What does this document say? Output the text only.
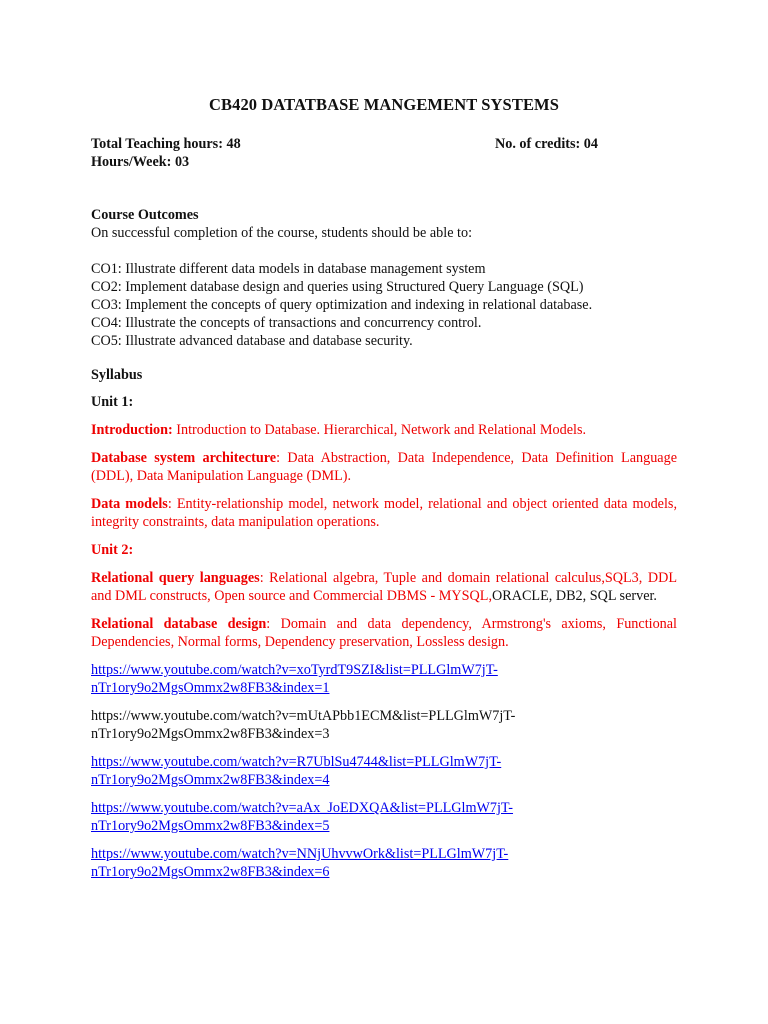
CB420 DATATBASE MANGEMENT SYSTEMS

Total Teaching hours: 48	No. of credits: 04

Hours/Week: 03

Course Outcomes

On successful completion of the course, students should be able to:

CO1: Illustrate different data models in database management system

CO2: Implement database design and queries using Structured Query Language (SQL)

CO3: Implement the concepts of query optimization and indexing in relational database.

CO4: Illustrate the concepts of transactions and concurrency control.

CO5: Illustrate advanced database and database security.

Syllabus

Unit 1:

Introduction: Introduction to Database. Hierarchical, Network and Relational Models.

Database system architecture: Data Abstraction, Data Independence, Data Definition Language (DDL), Data Manipulation Language (DML).

Data models: Entity-relationship model, network model, relational and object oriented data models, integrity constraints, data manipulation operations.

Unit 2:

Relational query languages: Relational algebra, Tuple and domain relational calculus,SQL3, DDL and DML constructs, Open source and Commercial DBMS - MYSQL,ORACLE, DB2, SQL server.

Relational database design: Domain and data dependency, Armstrong's axioms, Functional Dependencies, Normal forms, Dependency preservation, Lossless design.

https://www.youtube.com/watch?v=xoTyrdT9SZI&list=PLLGlmW7jT-

nTr1ory9o2MgsOmmx2w8FB3&index=1

https://www.youtube.com/watch?v=mUtAPbb1ECM&list=PLLGlmW7jT-

nTr1ory9o2MgsOmmx2w8FB3&index=3

https://www.youtube.com/watch?v=R7UblSu4744&list=PLLGlmW7jT-

nTr1ory9o2MgsOmmx2w8FB3&index=4

https://www.youtube.com/watch?v=aAx_JoEDXQA&list=PLLGlmW7jT-

nTr1ory9o2MgsOmmx2w8FB3&index=5

https://www.youtube.com/watch?v=NNjUhvvwOrk&list=PLLGlmW7jT-

nTr1ory9o2MgsOmmx2w8FB3&index=6
